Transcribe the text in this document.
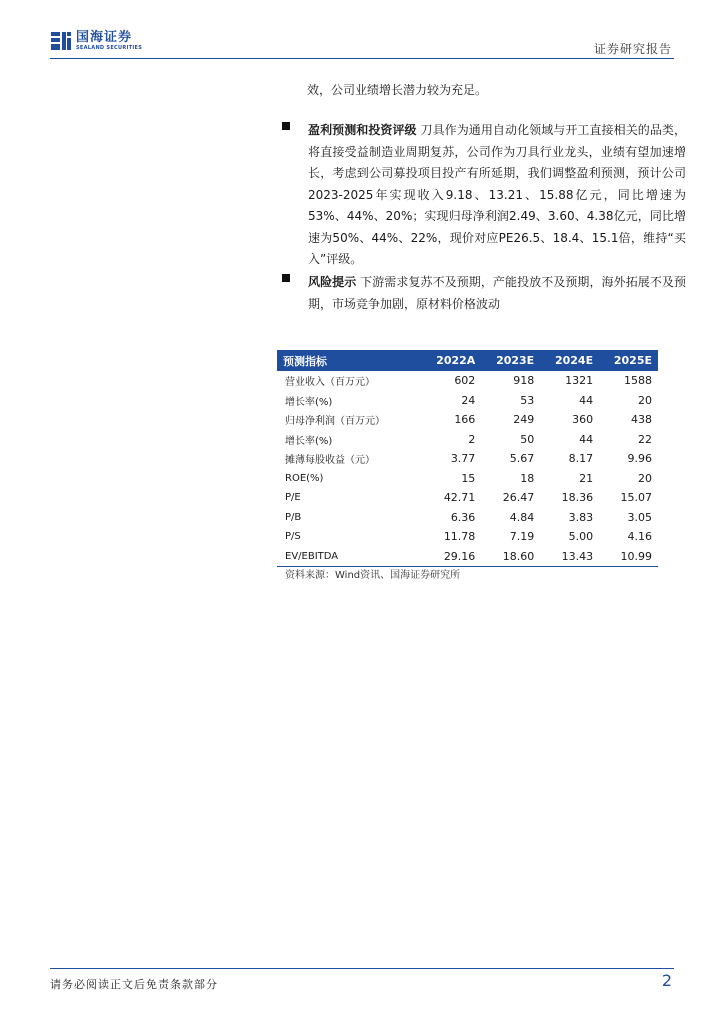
国海证券
SEALAND SECURITIES	证券研究报告
效，公司业绩增长潜力较为充足。
盈利预测和投资评级 刀具作为通用自动化领域与开工直接相关的品类，将直接受益制造业周期复苏，公司作为刀具行业龙头，业绩有望加速增长，考虑到公司募投项目投产有所延期，我们调整盈利预测，预计公司2023-2025年实现收入9.18、13.21、15.88亿元，同比增速为53%、44%、20%；实现归母净利润2.49、3.60、4.38亿元，同比增速为50%、44%、22%，现价对应PE26.5、18.4、15.1倍，维持“买入”评级。
风险提示 下游需求复苏不及预期，产能投放不及预期，海外拓展不及预期，市场竞争加剧，原材料价格波动
预测指标	2022A	2023E	2024E	2025E
营业收入（百万元）	602	918	1321	1588
增长率(%)	24	53	44	20
归母净利润（百万元）	166	249	360	438
增长率(%)	2	50	44	22
摊薄每股收益（元）	3.77	5.67	8.17	9.96
ROE(%)	15	18	21	20
P/E	42.71	26.47	18.36	15.07
P/B	6.36	4.84	3.83	3.05
P/S	11.78	7.19	5.00	4.16
EV/EBITDA	29.16	18.60	13.43	10.99
资料来源：Wind资讯、国海证券研究所
请务必阅读正文后免责条款部分	2
